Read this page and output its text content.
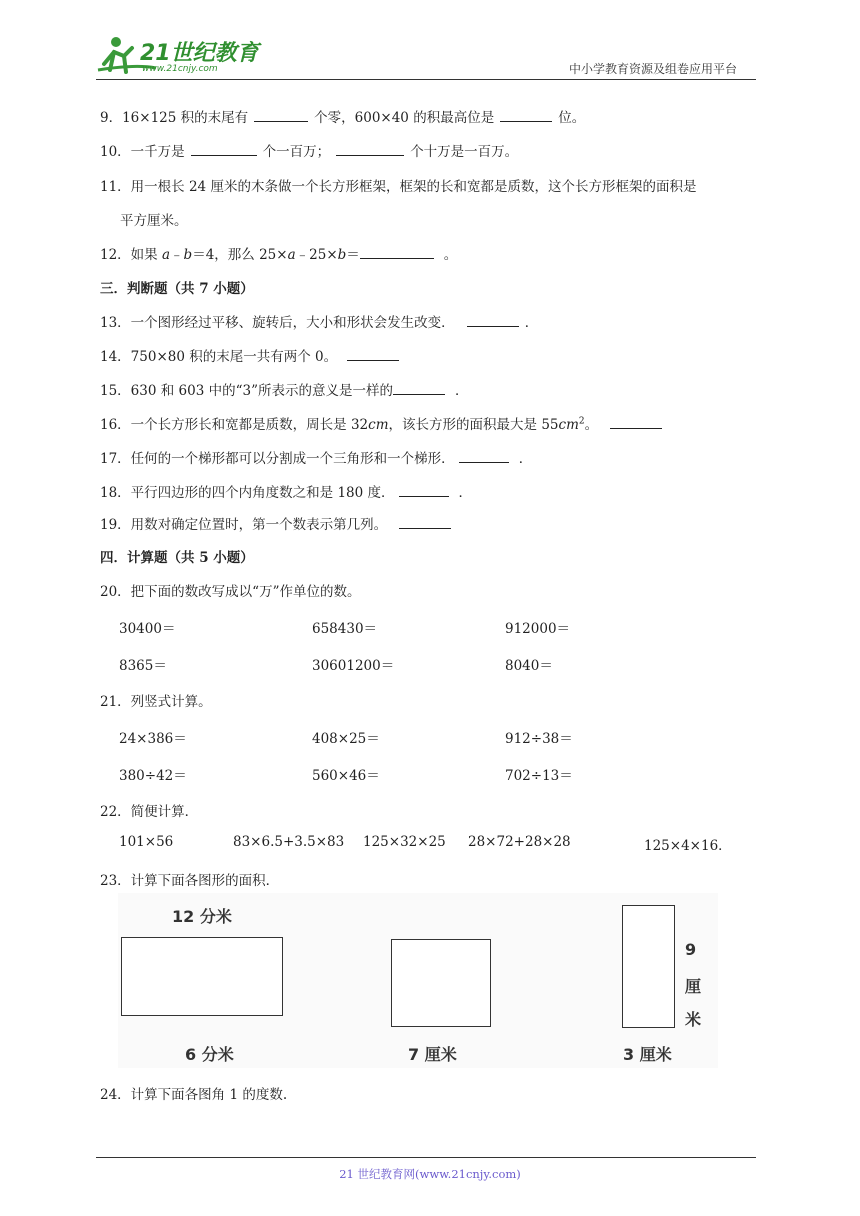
21世纪教育
www.21cnjy.com	中小学教育资源及组卷应用平台
9．16×125 积的末尾有	个零，600×40 的积最高位是	位。
10．一千万是	个一百万；	个十万是一百万。
11．用一根长 24 厘米的木条做一个长方形框架，框架的长和宽都是质数，这个长方形框架的面积是
平方厘米。
12．如果 a﹣b＝4，那么 25×a﹣25×b＝	。
三．判断题（共 7 小题）
13．一个图形经过平移、旋转后，大小和形状会发生改变．	．
14．750×80 积的末尾一共有两个 0。
15．630 和 603 中的“3”所表示的意义是一样的	．
16．一个长方形长和宽都是质数，周长是 32cm，该长方形的面积最大是 $55cm^2$。
17．任何的一个梯形都可以分割成一个三角形和一个梯形．	．
18．平行四边形的四个内角度数之和是 180 度．	．
19．用数对确定位置时，第一个数表示第几列。
四．计算题（共 5 小题）
20．把下面的数改写成以“万”作单位的数。
30400＝	658430＝	912000＝
8365＝	30601200＝	8040＝
21．列竖式计算。
24×386＝	408×25＝	912÷38＝
380÷42＝	560×46＝	702÷13＝
22．简便计算．
101×56	83×6.5+3.5×83 125×32×25 28×72+28×28	125×4×16．
23．计算下面各图形的面积．
12 分米
6 分米	7 厘米
9
厘
米
3 厘米
24．计算下面各图角 1 的度数.
21 世纪教育网(www.21cnjy.com)
